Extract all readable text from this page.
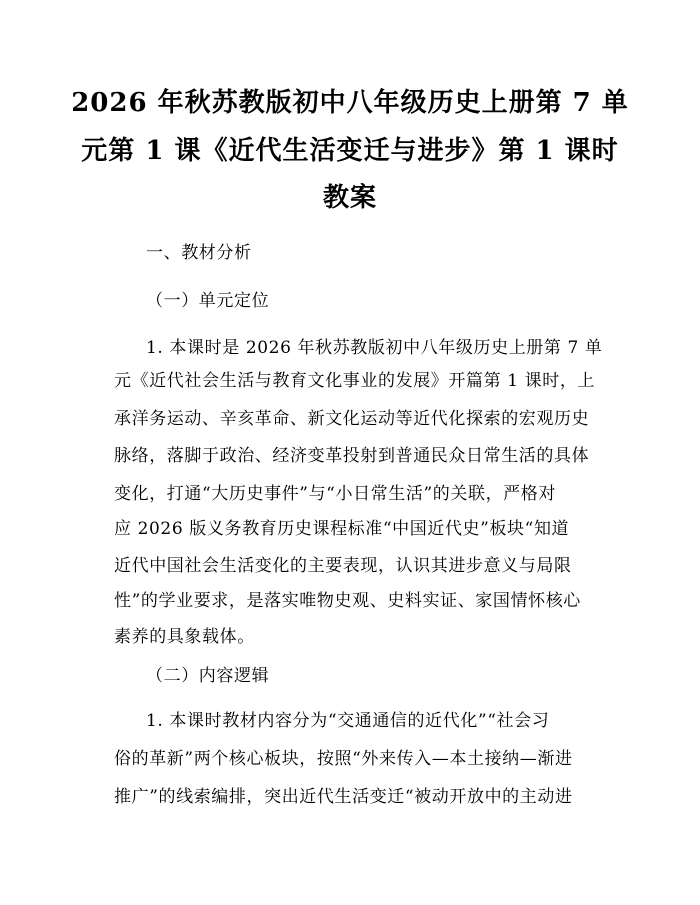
2026 年秋苏教版初中八年级历史上册第 7 单
元第 1 课《近代生活变迁与进步》第 1 课时
教案
一、教材分析
（一）单元定位
1. 本课时是 2026 年秋苏教版初中八年级历史上册第 7 单
元《近代社会生活与教育文化事业的发展》开篇第 1 课时，上
承洋务运动、辛亥革命、新文化运动等近代化探索的宏观历史
脉络，落脚于政治、经济变革投射到普通民众日常生活的具体
变化，打通“大历史事件”与“小日常生活”的关联，严格对
应 2026 版义务教育历史课程标准“中国近代史”板块“知道
近代中国社会生活变化的主要表现，认识其进步意义与局限
性”的学业要求，是落实唯物史观、史料实证、家国情怀核心
素养的具象载体。
（二）内容逻辑
1. 本课时教材内容分为“交通通信的近代化”“社会习
俗的革新”两个核心板块，按照“外来传入—本土接纳—渐进
推广”的线索编排，突出近代生活变迁“被动开放中的主动进
